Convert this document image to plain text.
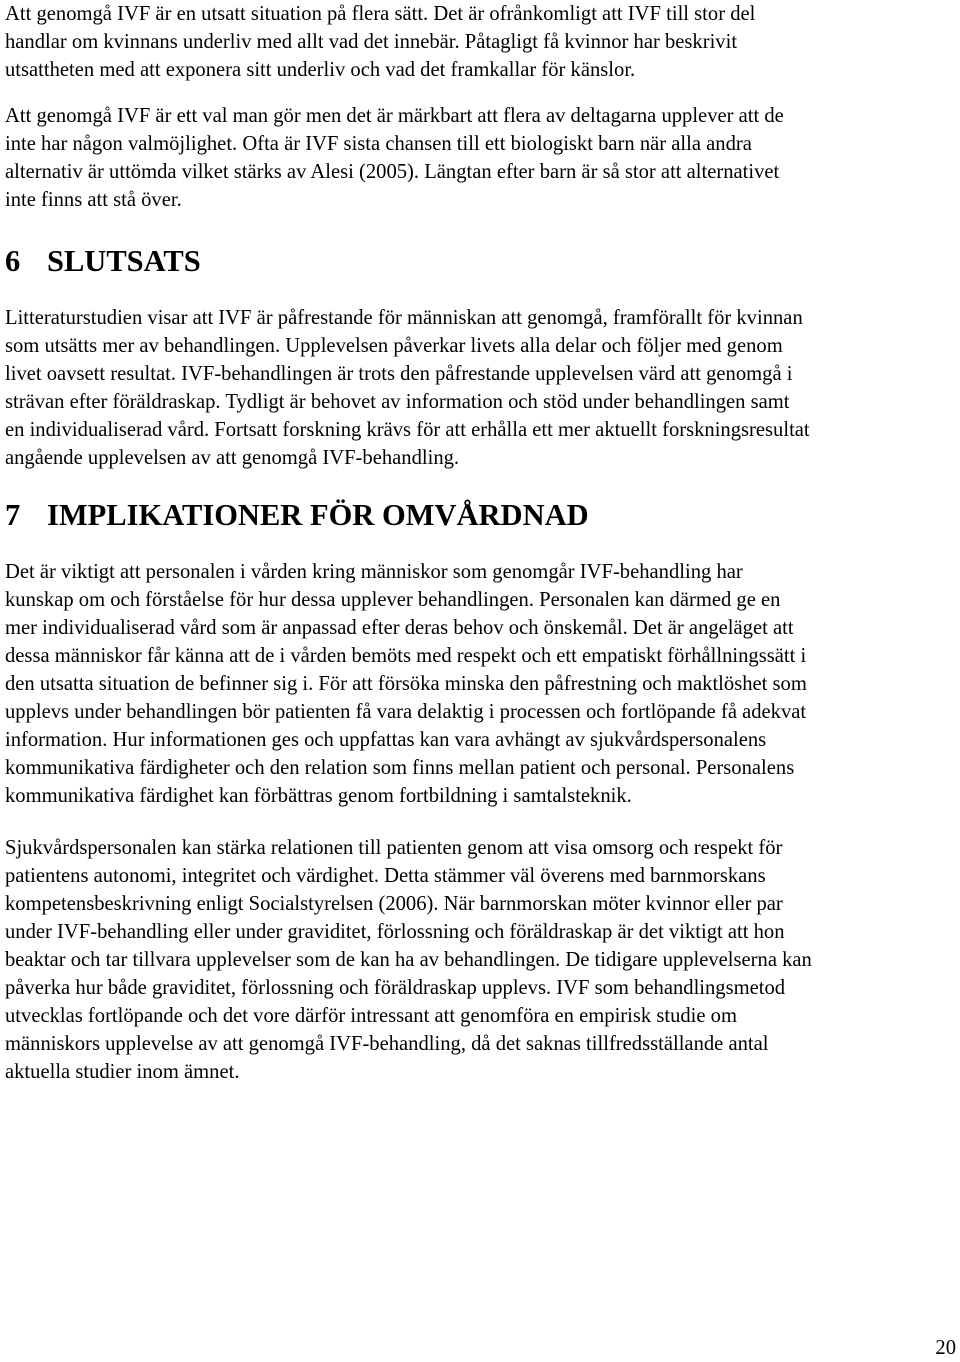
Att genomgå IVF är en utsatt situation på flera sätt. Det är ofrånkomligt att IVF till stor del
handlar om kvinnans underliv med allt vad det innebär. Påtagligt få kvinnor har beskrivit
utsattheten med att exponera sitt underliv och vad det framkallar för känslor.

Att genomgå IVF är ett val man gör men det är märkbart att flera av deltagarna upplever att de
inte har någon valmöjlighet. Ofta är IVF sista chansen till ett biologiskt barn när alla andra
alternativ är uttömda vilket stärks av Alesi (2005). Längtan efter barn är så stor att alternativet
inte finns att stå över.

6 SLUTSATS

Litteraturstudien visar att IVF är påfrestande för människan att genomgå, framförallt för kvinnan
som utsätts mer av behandlingen. Upplevelsen påverkar livets alla delar och följer med genom
livet oavsett resultat. IVF-behandlingen är trots den påfrestande upplevelsen värd att genomgå i
strävan efter föräldraskap. Tydligt är behovet av information och stöd under behandlingen samt
en individualiserad vård. Fortsatt forskning krävs för att erhålla ett mer aktuellt forskningsresultat
angående upplevelsen av att genomgå IVF-behandling.

7 IMPLIKATIONER FÖR OMVÅRDNAD

Det är viktigt att personalen i vården kring människor som genomgår IVF-behandling har
kunskap om och förståelse för hur dessa upplever behandlingen. Personalen kan därmed ge en
mer individualiserad vård som är anpassad efter deras behov och önskemål. Det är angeläget att
dessa människor får känna att de i vården bemöts med respekt och ett empatiskt förhållningssätt i
den utsatta situation de befinner sig i. För att försöka minska den påfrestning och maktlöshet som
upplevs under behandlingen bör patienten få vara delaktig i processen och fortlöpande få adekvat
information. Hur informationen ges och uppfattas kan vara avhängt av sjukvårdspersonalens
kommunikativa färdigheter och den relation som finns mellan patient och personal. Personalens
kommunikativa färdighet kan förbättras genom fortbildning i samtalsteknik.

Sjukvårdspersonalen kan stärka relationen till patienten genom att visa omsorg och respekt för
patientens autonomi, integritet och värdighet. Detta stämmer väl överens med barnmorskans
kompetensbeskrivning enligt Socialstyrelsen (2006). När barnmorskan möter kvinnor eller par
under IVF-behandling eller under graviditet, förlossning och föräldraskap är det viktigt att hon
beaktar och tar tillvara upplevelser som de kan ha av behandlingen. De tidigare upplevelserna kan
påverka hur både graviditet, förlossning och föräldraskap upplevs. IVF som behandlingsmetod
utvecklas fortlöpande och det vore därför intressant att genomföra en empirisk studie om
människors upplevelse av att genomgå IVF-behandling, då det saknas tillfredsställande antal
aktuella studier inom ämnet.

20
